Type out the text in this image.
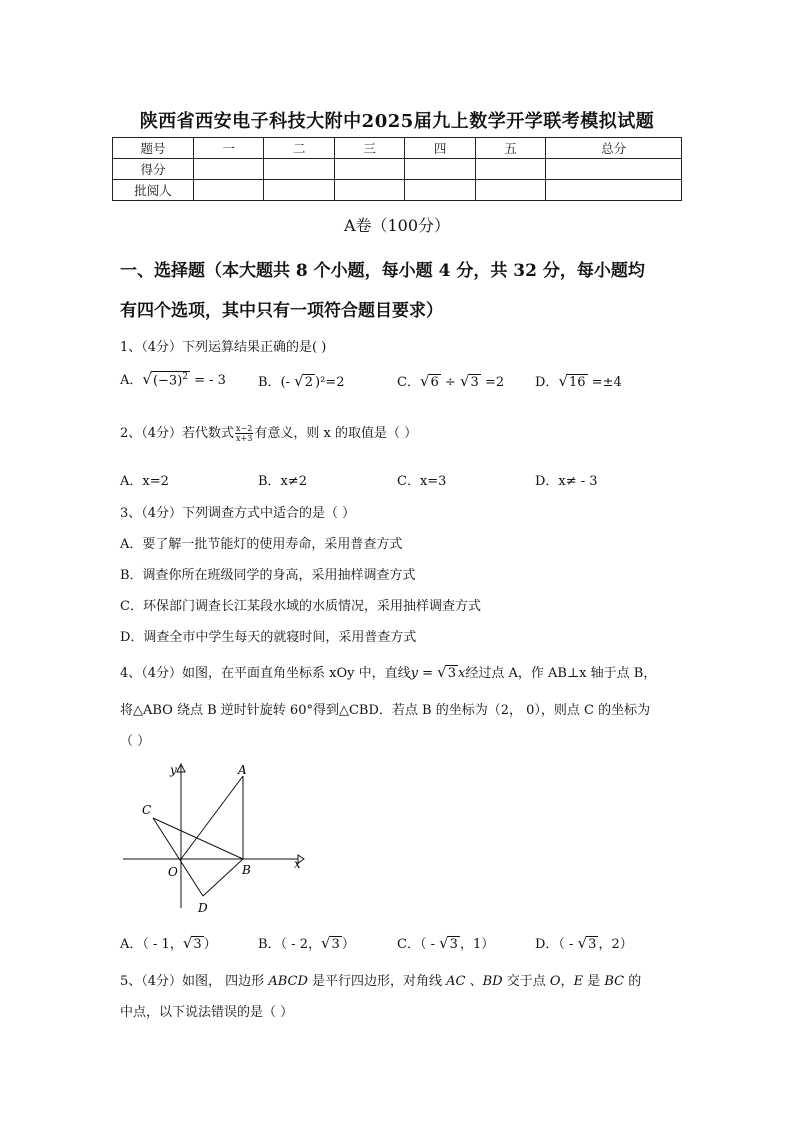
陕西省西安电子科技大附中2025届九上数学开学联考模拟试题
题号	一	二	三	四	五	总分
得分						
批阅人						
A卷（100分）
一、选择题（本大题共 8 个小题，每小题 4 分，共 32 分，每小题均
有四个选项，其中只有一项符合题目要求）
1、（4分）下列运算结果正确的是( )
A．$√(-3)^2$ = - 3 B．(- √2 )²=2	C．√6 ÷ √3 =2 D．√16 =±4
2、（4分）若代数式 $\frac{x-2}{x+3}$ 有意义，则 x 的取值是（ ）
A．x=2	B．x≠2	C．x=3	D．x≠ - 3
3、（4分）下列调查方式中适合的是（ ）
A．要了解一批节能灯的使用寿命，采用普查方式
B．调查你所在班级同学的身高，采用抽样调查方式
C．环保部门调查长江某段水域的水质情况，采用抽样调查方式
D．调查全市中学生每天的就寝时间，采用普查方式
4、（4分）如图，在平面直角坐标系 xOy 中，直线y = √3 x经过点 A，作 AB⊥x 轴于点 B，
将△ABO 绕点 B 逆时针旋转 60°得到△CBD．若点 B 的坐标为（2， 0），则点 C 的坐标为
（ ）
y
x
A
B
C
D
O
A．（ - 1，√3 ）	B．（ - 2，√3 ）	C．（ - √3 ，1）	D．（ - √3 ，2）
5、（4分）如图， 四边形 ABCD 是平行四边形，对角线 AC 、BD 交于点 O，E 是 BC 的
中点，以下说法错误的是（ ）
